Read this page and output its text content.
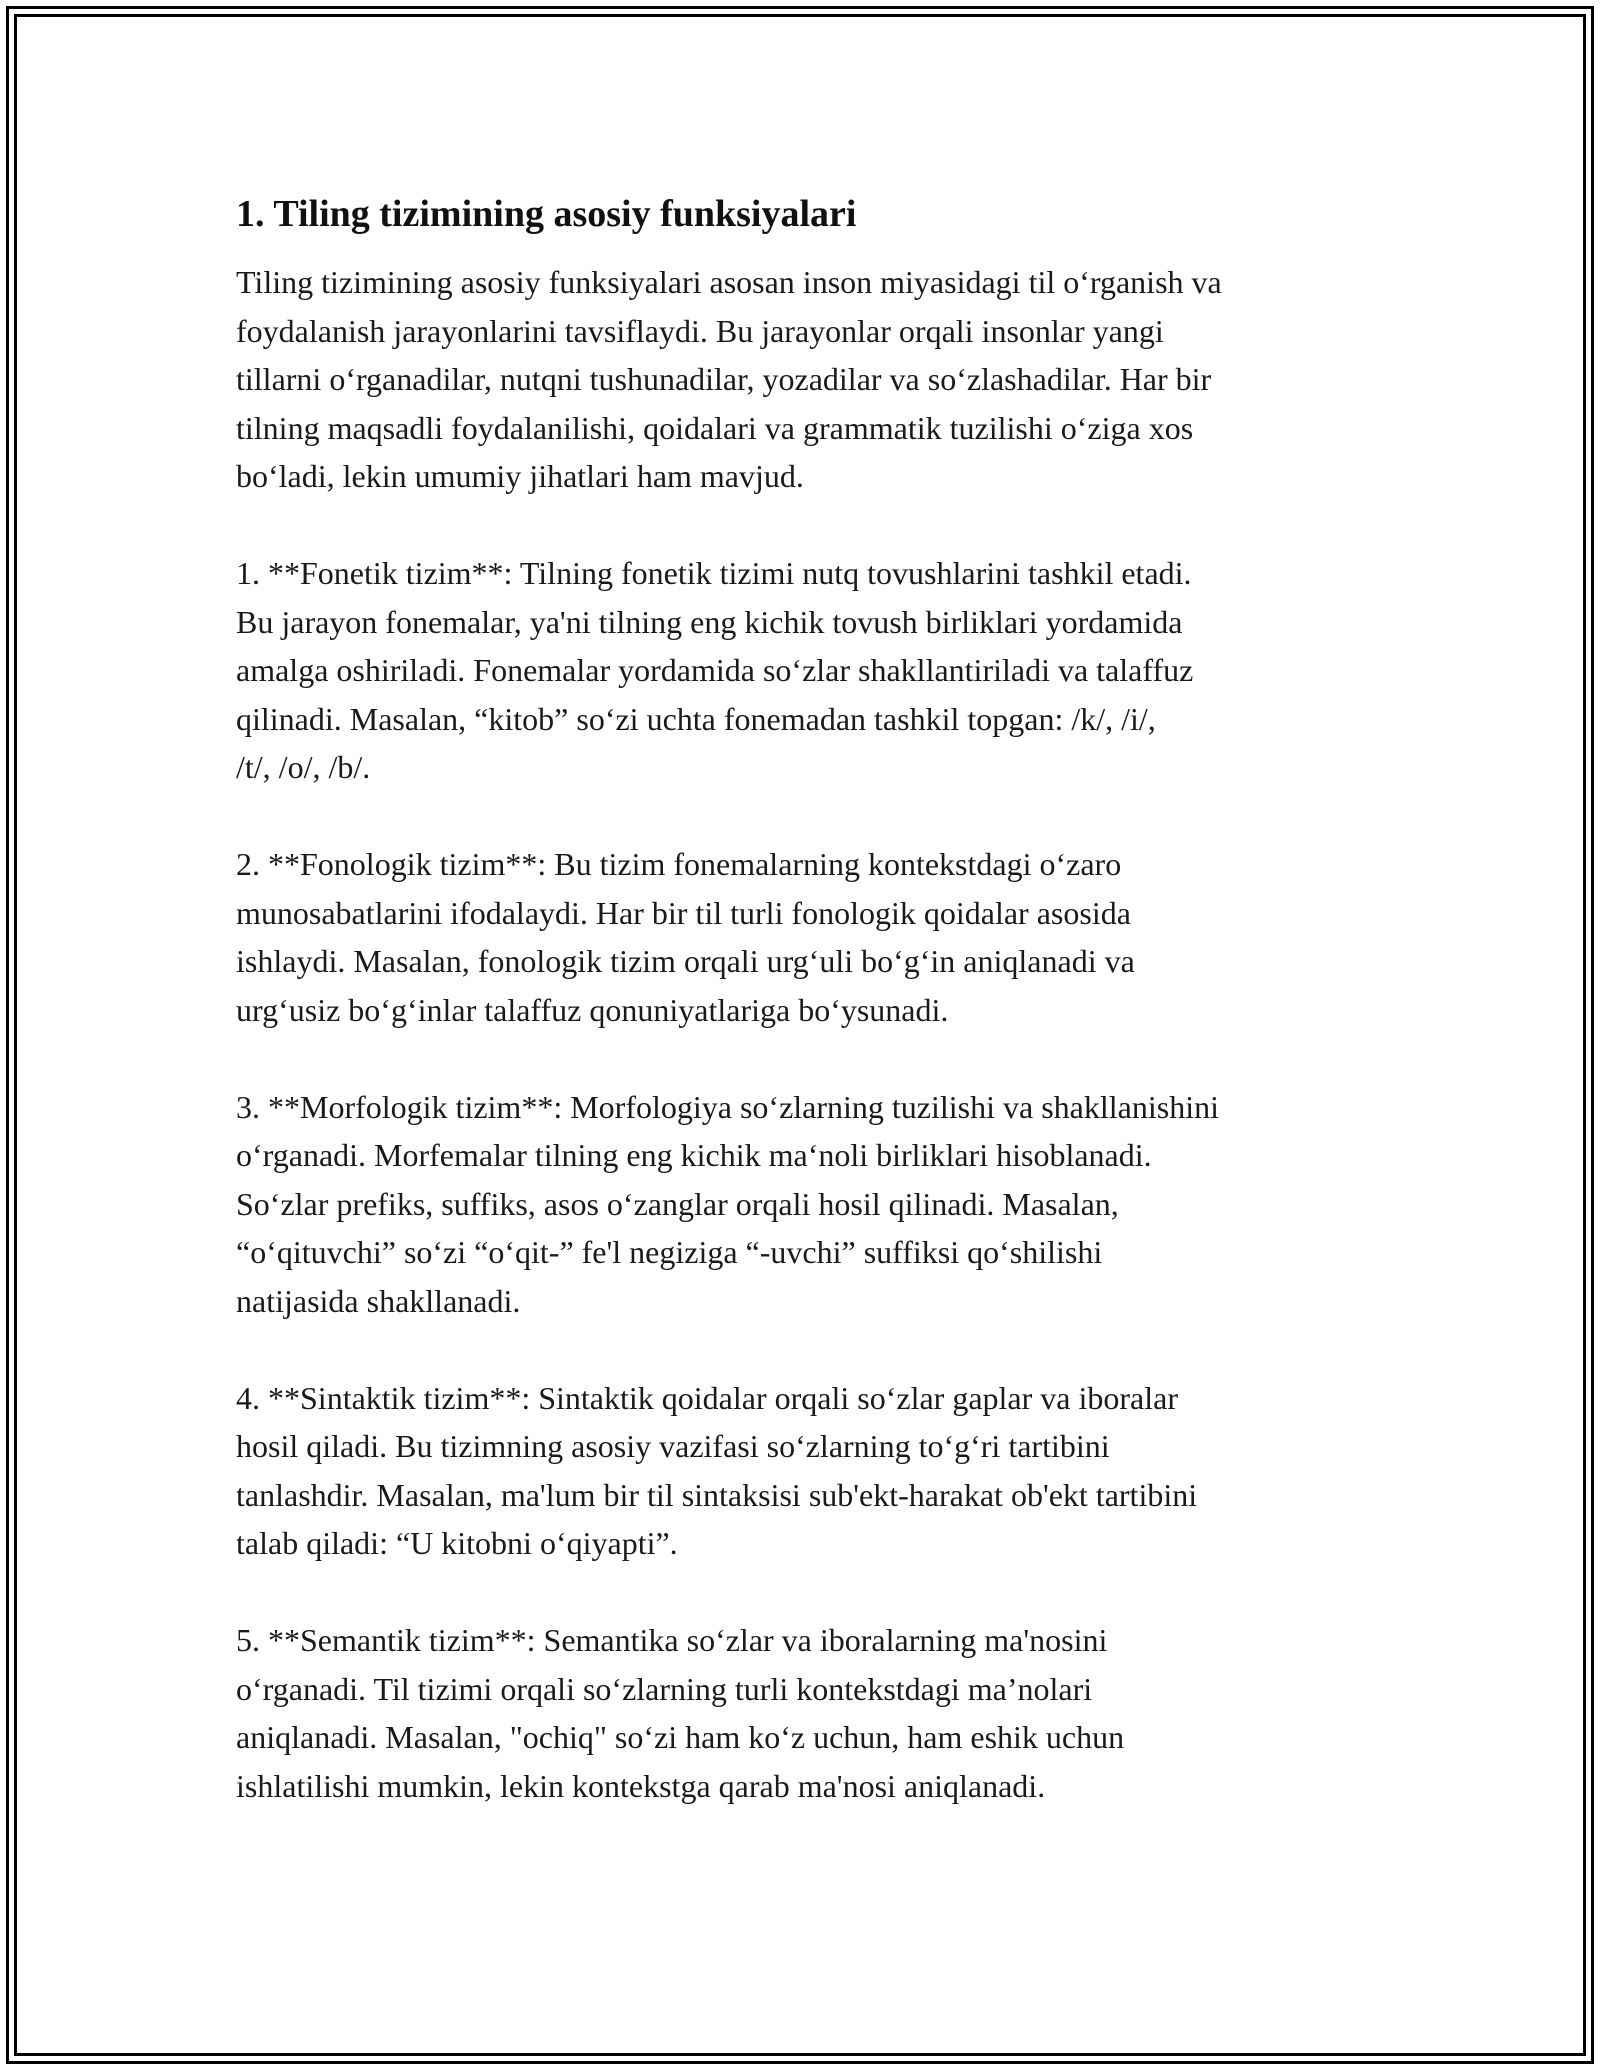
1. Tiling tizimining asosiy funksiyalari

Tiling tizimining asosiy funksiyalari asosan inson miyasidagi til o‘rganish va
foydalanish jarayonlarini tavsiflaydi. Bu jarayonlar orqali insonlar yangi
tillarni o‘rganadilar, nutqni tushunadilar, yozadilar va so‘zlashadilar. Har bir
tilning maqsadli foydalanilishi, qoidalari va grammatik tuzilishi o‘ziga xos
bo‘ladi, lekin umumiy jihatlari ham mavjud.

1. **Fonetik tizim**: Tilning fonetik tizimi nutq tovushlarini tashkil etadi.
Bu jarayon fonemalar, ya'ni tilning eng kichik tovush birliklari yordamida
amalga oshiriladi. Fonemalar yordamida so‘zlar shakllantiriladi va talaffuz
qilinadi. Masalan, “kitob” so‘zi uchta fonemadan tashkil topgan: /k/, /i/,
/t/, /o/, /b/.

2. **Fonologik tizim**: Bu tizim fonemalarning kontekstdagi o‘zaro
munosabatlarini ifodalaydi. Har bir til turli fonologik qoidalar asosida
ishlaydi. Masalan, fonologik tizim orqali urg‘uli bo‘g‘in aniqlanadi va
urg‘usiz bo‘g‘inlar talaffuz qonuniyatlariga bo‘ysunadi.

3. **Morfologik tizim**: Morfologiya so‘zlarning tuzilishi va shakllanishini
o‘rganadi. Morfemalar tilning eng kichik ma‘noli birliklari hisoblanadi.
So‘zlar prefiks, suffiks, asos o‘zanglar orqali hosil qilinadi. Masalan,
“o‘qituvchi” so‘zi “o‘qit-” fe'l negiziga “-uvchi” suffiksi qo‘shilishi
natijasida shakllanadi.

4. **Sintaktik tizim**: Sintaktik qoidalar orqali so‘zlar gaplar va iboralar
hosil qiladi. Bu tizimning asosiy vazifasi so‘zlarning to‘g‘ri tartibini
tanlashdir. Masalan, ma'lum bir til sintaksisi sub'ekt-harakat ob'ekt tartibini
talab qiladi: “U kitobni o‘qiyapti”.

5. **Semantik tizim**: Semantika so‘zlar va iboralarning ma'nosini
o‘rganadi. Til tizimi orqali so‘zlarning turli kontekstdagi ma’nolari
aniqlanadi. Masalan, "ochiq" so‘zi ham ko‘z uchun, ham eshik uchun
ishlatilishi mumkin, lekin kontekstga qarab ma'nosi aniqlanadi.
